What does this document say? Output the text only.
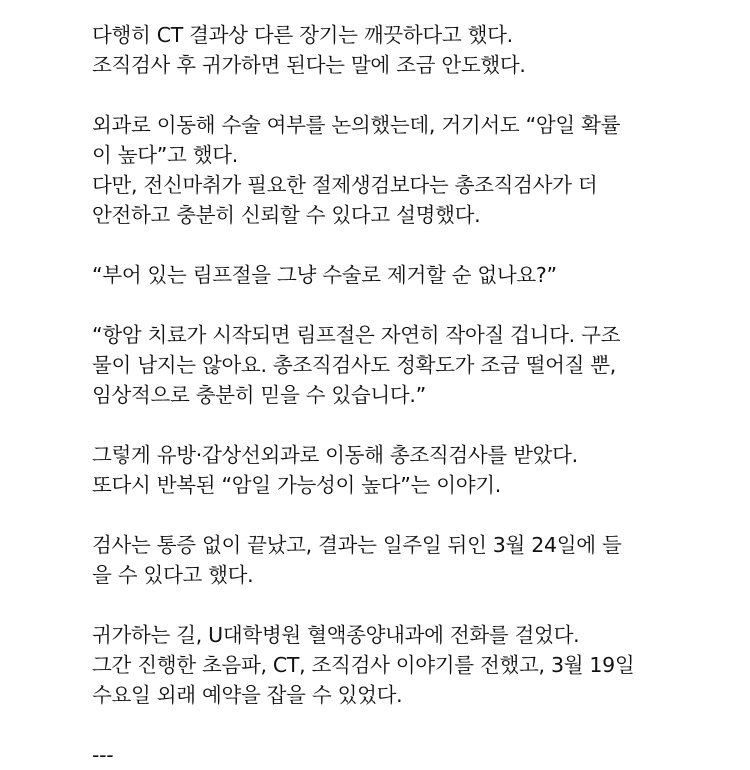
다행히 CT 결과상 다른 장기는 깨끗하다고 했다.
조직검사 후 귀가하면 된다는 말에 조금 안도했다.
외과로 이동해 수술 여부를 논의했는데, 거기서도 “암일 확률
이 높다”고 했다.
다만, 전신마취가 필요한 절제생검보다는 총조직검사가 더
안전하고 충분히 신뢰할 수 있다고 설명했다.
“부어 있는 림프절을 그냥 수술로 제거할 순 없나요?”
“항암 치료가 시작되면 림프절은 자연히 작아질 겁니다. 구조
물이 남지는 않아요. 총조직검사도 정확도가 조금 떨어질 뿐,
임상적으로 충분히 믿을 수 있습니다.”
그렇게 유방·갑상선외과로 이동해 총조직검사를 받았다.
또다시 반복된 “암일 가능성이 높다”는 이야기.
검사는 통증 없이 끝났고, 결과는 일주일 뒤인 3월 24일에 들
을 수 있다고 했다.
귀가하는 길, U대학병원 혈액종양내과에 전화를 걸었다.
그간 진행한 초음파, CT, 조직검사 이야기를 전했고, 3월 19일
수요일 외래 예약을 잡을 수 있었다.
---
